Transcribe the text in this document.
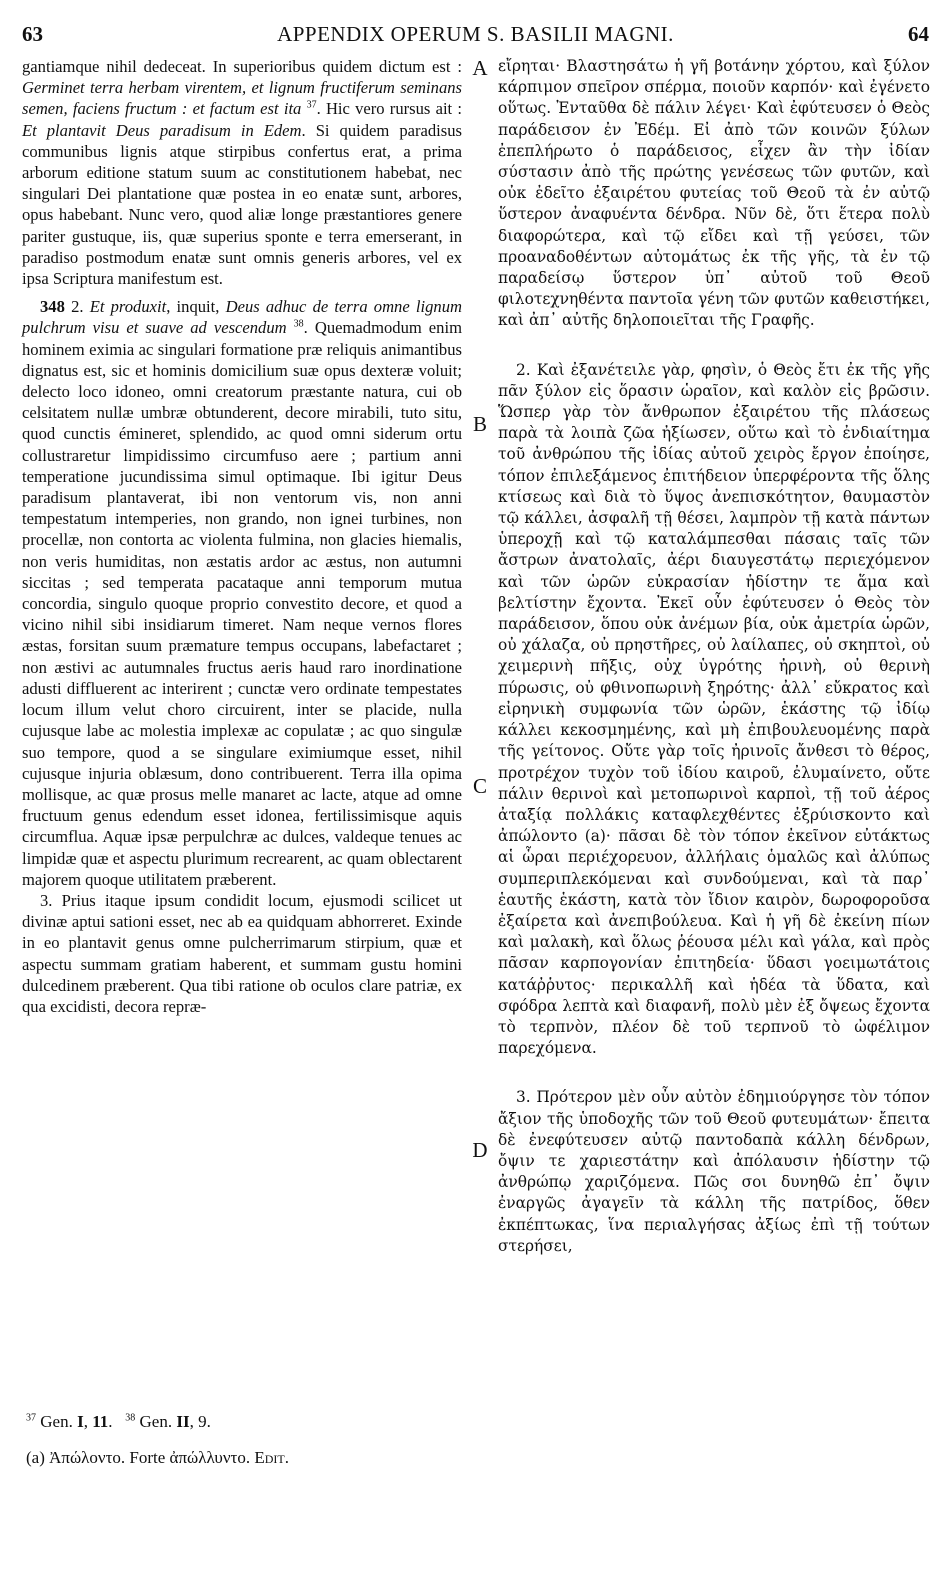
63	APPENDIX OPERUM S. BASILII MAGNI.	64
A
B
C
D

gantiamque nihil dedeceat. In superioribus quidem dictum est : Germinet terra herbam virentem, et lignum fructiferum seminans semen, faciens fructum : et factum est ita $^{37}$. Hic vero rursus ait : Et plantavit Deus paradisum in Edem. Si quidem paradisus communibus lignis atque stirpibus confertus erat, a prima arborum editione statum suum ac constitutionem habebat, nec singulari Dei plantatione quæ postea in eo enatæ sunt, arbores, opus habebant. Nunc vero, quod aliæ longe præstantiores genere pariter gustuque, iis, quæ superius sponte e terra emerserant, in paradiso postmodum enatæ sunt omnis generis arbores, vel ex ipsa Scriptura manifestum est.

348 2. Et produxit, inquit, Deus adhuc de terra omne lignum pulchrum visu et suave ad vescendum $^{38}$. Quemadmodum enim hominem eximia ac singulari formatione præ reliquis animantibus dignatus est, sic et hominis domicilium suæ opus dexteræ voluit; delecto loco idoneo, omni creatorum præstante natura, cui ob celsitatem nullæ umbræ obtunderent, decore mirabili, tuto situ, quod cunctis émineret, splendido, ac quod omni siderum ortu collustraretur limpidissimo circumfuso aere ; partium anni temperatione jucundissima simul optimaque. Ibi igitur Deus paradisum plantaverat, ibi non ventorum vis, non anni tempestatum intemperies, non grando, non ignei turbines, non procellæ, non contorta ac violenta fulmina, non glacies hiemalis, non veris humiditas, non æstatis ardor ac æstus, non autumni siccitas ; sed temperata pacataque anni temporum mutua concordia, singulo quoque proprio convestito decore, et quod a vicino nihil sibi insidiarum timeret. Nam neque vernos flores æstas, forsitan suum præmature tempus occupans, labefactaret ; non æstivi ac autumnales fructus aeris haud raro inordinatione adusti diffluerent ac interirent ; cunctæ vero ordinate tempestates locum illum velut choro circuirent, inter se placide, nulla cujusque labe ac molestia implexæ ac copulatæ ; ac quo singulæ suo tempore, quod a se singulare eximiumque esset, nihil cujusque injuria oblæsum, dono contribuerent. Terra illa opima mollisque, ac quæ prosus melle manaret ac lacte, atque ad omne fructuum genus edendum esset idonea, fertilissimisque aquis circumflua. Aquæ ipsæ perpulchræ ac dulces, valdeque tenues ac limpidæ quæ et aspectu plurimum recrearent, ac quam oblectarent majorem quoque utilitatem præberent.

3. Prius itaque ipsum condidit locum, ejusmodi scilicet ut divinæ aptui sationi esset, nec ab ea quidquam abhorreret. Exinde in eo plantavit genus omne pulcherrimarum stirpium, quæ et aspectu summam gratiam haberent, et summam gustu homini dulcedinem præberent. Qua tibi ratione ob oculos clare patriæ, ex qua excidisti, decora repræ-

εἴρηται· Βλαστησάτω ἡ γῆ βοτάνην χόρτου, καὶ ξύλον κάρπιμον σπεῖρον σπέρμα, ποιοῦν καρπόν· καὶ ἐγένετο οὕτως. Ἐνταῦθα δὲ πάλιν λέγει· Καὶ ἐφύτευσεν ὁ Θεὸς παράδεισον ἐν Ἐδέμ. Εἰ ἀπὸ τῶν κοινῶν ξύλων ἐπεπλήρωτο ὁ παράδεισος, εἶχεν ἂν τὴν ἰδίαν σύστασιν ἀπὸ τῆς πρώτης γενέσεως τῶν φυτῶν, καὶ οὐκ ἐδεῖτο ἐξαιρέτου φυτείας τοῦ Θεοῦ τὰ ἐν αὐτῷ ὕστερον ἀναφυέντα δένδρα. Νῦν δὲ, ὅτι ἕτερα πολὺ διαφορώτερα, καὶ τῷ εἴδει καὶ τῇ γεύσει, τῶν προαναδοθέντων αὐτομάτως ἐκ τῆς γῆς, τὰ ἐν τῷ παραδείσῳ ὕστερον ὑπ᾽ αὐτοῦ τοῦ Θεοῦ φιλοτεχνηθέντα παντοῖα γένη τῶν φυτῶν καθειστήκει, καὶ ἀπ᾽ αὐτῆς δηλοποιεῖται τῆς Γραφῆς.

2. Καὶ ἐξανέτειλε γὰρ, φησὶν, ὁ Θεὸς ἔτι ἐκ τῆς γῆς πᾶν ξύλον εἰς ὅρασιν ὡραῖον, καὶ καλὸν εἰς βρῶσιν. Ὥσπερ γὰρ τὸν ἄνθρωπον ἐξαιρέτου τῆς πλάσεως παρὰ τὰ λοιπὰ ζῶα ἠξίωσεν, οὕτω καὶ τὸ ἐνδιαίτημα τοῦ ἀνθρώπου τῆς ἰδίας αὐτοῦ χειρὸς ἔργον ἐποίησε, τόπον ἐπιλεξάμενος ἐπιτήδειον ὑπερφέροντα τῆς ὅλης κτίσεως καὶ διὰ τὸ ὕψος ἀνεπισκότητον, θαυμαστὸν τῷ κάλλει, ἀσφαλῆ τῇ θέσει, λαμπρὸν τῇ κατὰ πάντων ὑπεροχῇ καὶ τῷ καταλάμπεσθαι πάσαις ταῖς τῶν ἄστρων ἀνατολαῖς, ἀέρι διαυγεστάτῳ περιεχόμενον καὶ τῶν ὡρῶν εὐκρασίαν ἡδίστην τε ἅμα καὶ βελτίστην ἔχοντα. Ἐκεῖ οὖν ἐφύτευσεν ὁ Θεὸς τὸν παράδεισον, ὅπου οὐκ ἀνέμων βία, οὐκ ἀμετρία ὡρῶν, οὐ χάλαζα, οὐ πρηστῆρες, οὐ λαίλαπες, οὐ σκηπτοὶ, οὐ χειμερινὴ πῆξις, οὐχ ὑγρότης ἠρινὴ, οὐ θερινὴ πύρωσις, οὐ φθινοπωρινὴ ξηρότης· ἀλλ᾽ εὔκρατος καὶ εἰρηνικὴ συμφωνία τῶν ὡρῶν, ἑκάστης τῷ ἰδίῳ κάλλει κεκοσμημένης, καὶ μὴ ἐπιβουλευομένης παρὰ τῆς γείτονος. Οὔτε γὰρ τοῖς ἠρινοῖς ἄνθεσι τὸ θέρος, προτρέχον τυχὸν τοῦ ἰδίου καιροῦ, ἐλυμαίνετο, οὔτε πάλιν θερινοὶ καὶ μετοπωρινοὶ καρποὶ, τῇ τοῦ ἀέρος ἀταξίᾳ πολλάκις καταφλεχθέντες ἐξρύισκοντο καὶ ἀπώλοντο (a)· πᾶσαι δὲ τὸν τόπον ἐκεῖνον εὐτάκτως αἱ ὧραι περιέχορευον, ἀλλήλαις ὁμαλῶς καὶ ἀλύπως συμπεριπλεκόμεναι καὶ συνδούμεναι, καὶ τὰ παρ᾽ ἑαυτῆς ἑκάστη, κατὰ τὸν ἴδιον καιρὸν, δωροφοροῦσα ἐξαίρετα καὶ ἀνεπιβούλευα. Καὶ ἡ γῆ δὲ ἐκείνη πίων καὶ μαλακὴ, καὶ ὅλως ῥέουσα μέλι καὶ γάλα, καὶ πρὸς πᾶσαν καρπογονίαν ἐπιτηδεία· ὕδασι γοειμωτάτοις κατάῤῥυτος· περικαλλῆ καὶ ἡδέα τὰ ὕδατα, καὶ σφόδρα λεπτὰ καὶ διαφανῆ, πολὺ μὲν ἐξ ὄψεως ἔχοντα τὸ τερπνὸν, πλέον δὲ τοῦ τερπνοῦ τὸ ὠφέλιμον παρεχόμενα.

3. Πρότερον μὲν οὖν αὐτὸν ἐδημιούργησε τὸν τόπον ἄξιον τῆς ὑποδοχῆς τῶν τοῦ Θεοῦ φυτευμάτων· ἔπειτα δὲ ἐνεφύτευσεν αὐτῷ παντοδαπὰ κάλλη δένδρων, ὄψιν τε χαριεστάτην καὶ ἀπόλαυσιν ἡδίστην τῷ ἀνθρώπῳ χαριζόμενα. Πῶς σοι δυνηθῶ ἐπ᾽ ὄψιν ἐναργῶς ἀγαγεῖν τὰ κάλλη τῆς πατρίδος, ὅθεν ἐκπέπτωκας, ἵνα περιαλγήσας ἀξίως ἐπὶ τῇ τούτων στερήσει,

$^{37}$ Gen. I, 11.   $^{38}$ Gen. II, 9.

(a) Ἀπώλοντο. Forte ἀπώλλυντο. Edit.
